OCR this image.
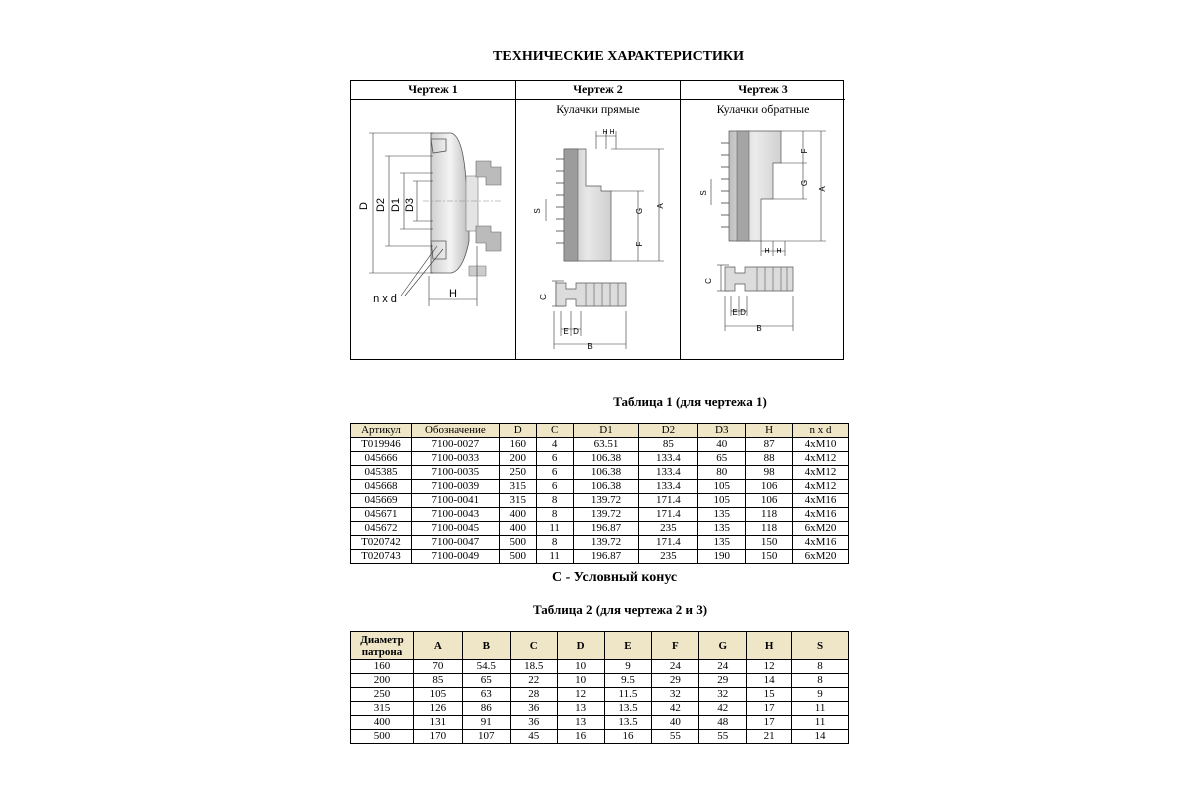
ТЕХНИЧЕСКИЕ ХАРАКТЕРИСТИКИ
Чертеж 1
D D2 D1 D3
H
n x d
Чертеж 2
Кулачки прямые
H H
S	G
A
F
C
E D
B
Чертеж 3
Кулачки обратные
F
G
A
S
H H
C
E D
B
Таблица 1 (для чертежа 1)
Артикул	Обозначение	D	C	D1	D2	D3	H	n x d
T019946	7100-0027	160	4	63.51	85	40	87	4xM10
045666	7100-0033	200	6	106.38	133.4	65	88	4xM12
045385	7100-0035	250	6	106.38	133.4	80	98	4xM12
045668	7100-0039	315	6	106.38	133.4	105	106	4xM12
045669	7100-0041	315	8	139.72	171.4	105	106	4xM16
045671	7100-0043	400	8	139.72	171.4	135	118	4xM16
045672	7100-0045	400	11	196.87	235	135	118	6xM20
T020742	7100-0047	500	8	139.72	171.4	135	150	4xM16
T020743	7100-0049	500	11	196.87	235	190	150	6xM20
C - Условный конус
Таблица 2 (для чертежа 2 и 3)
Диаметр патрона	A	B	C	D	E	F	G	H	S
160	70	54.5	18.5	10	9	24	24	12	8
200	85	65	22	10	9.5	29	29	14	8
250	105	63	28	12	11.5	32	32	15	9
315	126	86	36	13	13.5	42	42	17	11
400	131	91	36	13	13.5	40	48	17	11
500	170	107	45	16	16	55	55	21	14
